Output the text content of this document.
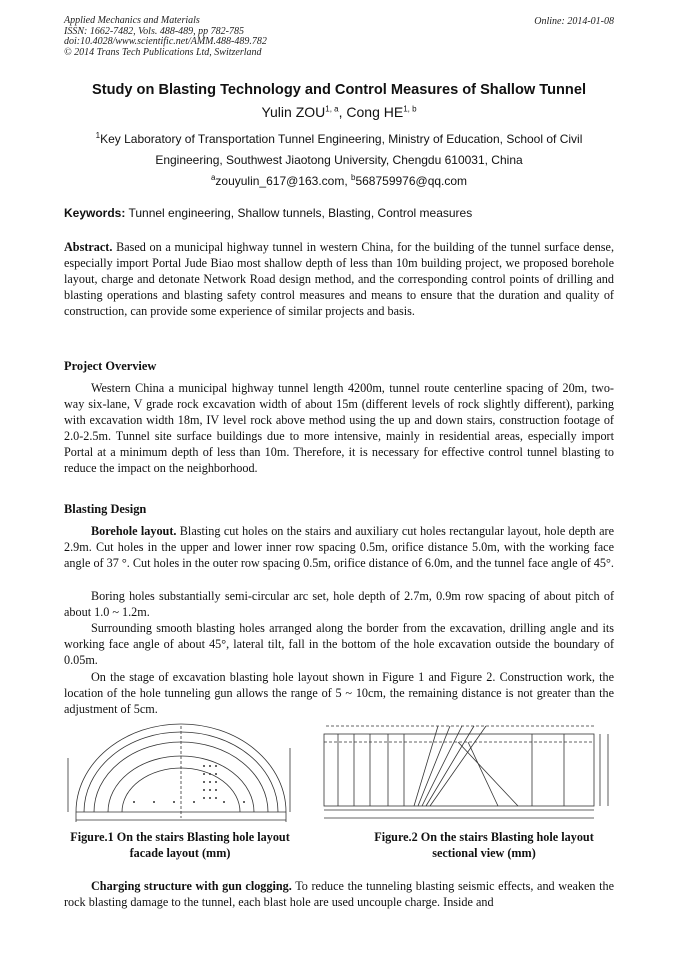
Applied Mechanics and Materials
ISSN: 1662-7482, Vols. 488-489, pp 782-785
doi:10.4028/www.scientific.net/AMM.488-489.782
© 2014 Trans Tech Publications Ltd, Switzerland
Online: 2014-01-08
Study on Blasting Technology and Control Measures of Shallow Tunnel
Yulin ZOU$^{1, a}$, Cong HE$^{1, b}$
$^1$Key Laboratory of Transportation Tunnel Engineering, Ministry of Education, School of Civil
Engineering, Southwest Jiaotong University, Chengdu 610031, China
$^a$zouyulin_617@163.com, $^b$568759976@qq.com
Keywords: Tunnel engineering, Shallow tunnels, Blasting, Control measures
Abstract. Based on a municipal highway tunnel in western China, for the building of the tunnel surface dense, especially import Portal Jude Biao most shallow depth of less than 10m building project, we proposed borehole layout, charge and detonate Network Road design method, and the corresponding control points of drilling and blasting operations and blasting safety control measures and means to ensure that the duration and quality of construction, can provide some experience of similar projects and basis.
Project Overview
Western China a municipal highway tunnel length 4200m, tunnel route centerline spacing of 20m, two-way six-lane, V grade rock excavation width of about 15m (different levels of rock slightly different), parking with excavation width 18m, IV level rock above method using the up and down stairs, construction footage of 2.0-2.5m. Tunnel site surface buildings due to more intensive, mainly in residential areas, especially import Portal at a minimum depth of less than 10m. Therefore, it is necessary for effective control tunnel blasting to reduce the impact on the neighborhood.
Blasting Design
Borehole layout. Blasting cut holes on the stairs and auxiliary cut holes rectangular layout, hole depth are 2.9m. Cut holes in the upper and lower inner row spacing 0.5m, orifice distance 5.0m, with the working face angle of 37 °. Cut holes in the outer row spacing 0.5m, orifice distance of 6.0m, and the tunnel face angle of 45°.
Boring holes substantially semi-circular arc set, hole depth of 2.7m, 0.9m row spacing of about pitch of about 1.0 ~ 1.2m.
Surrounding smooth blasting holes arranged along the border from the excavation, drilling angle and its working face angle of about 45°, lateral tilt, fall in the bottom of the hole excavation outside the boundary of 0.05m.
On the stage of excavation blasting hole layout shown in Figure 1 and Figure 2. Construction work, the location of the hole tunneling gun allows the range of 5 ~ 10cm, the remaining distance is not greater than the adjustment of 5cm.
Figure.1 On the stairs Blasting hole layout
facade layout (mm)
Figure.2 On the stairs Blasting hole layout
sectional view (mm)
Charging structure with gun clogging. To reduce the tunneling blasting seismic effects, and weaken the rock blasting damage to the tunnel, each blast hole are used uncouple charge. Inside and
